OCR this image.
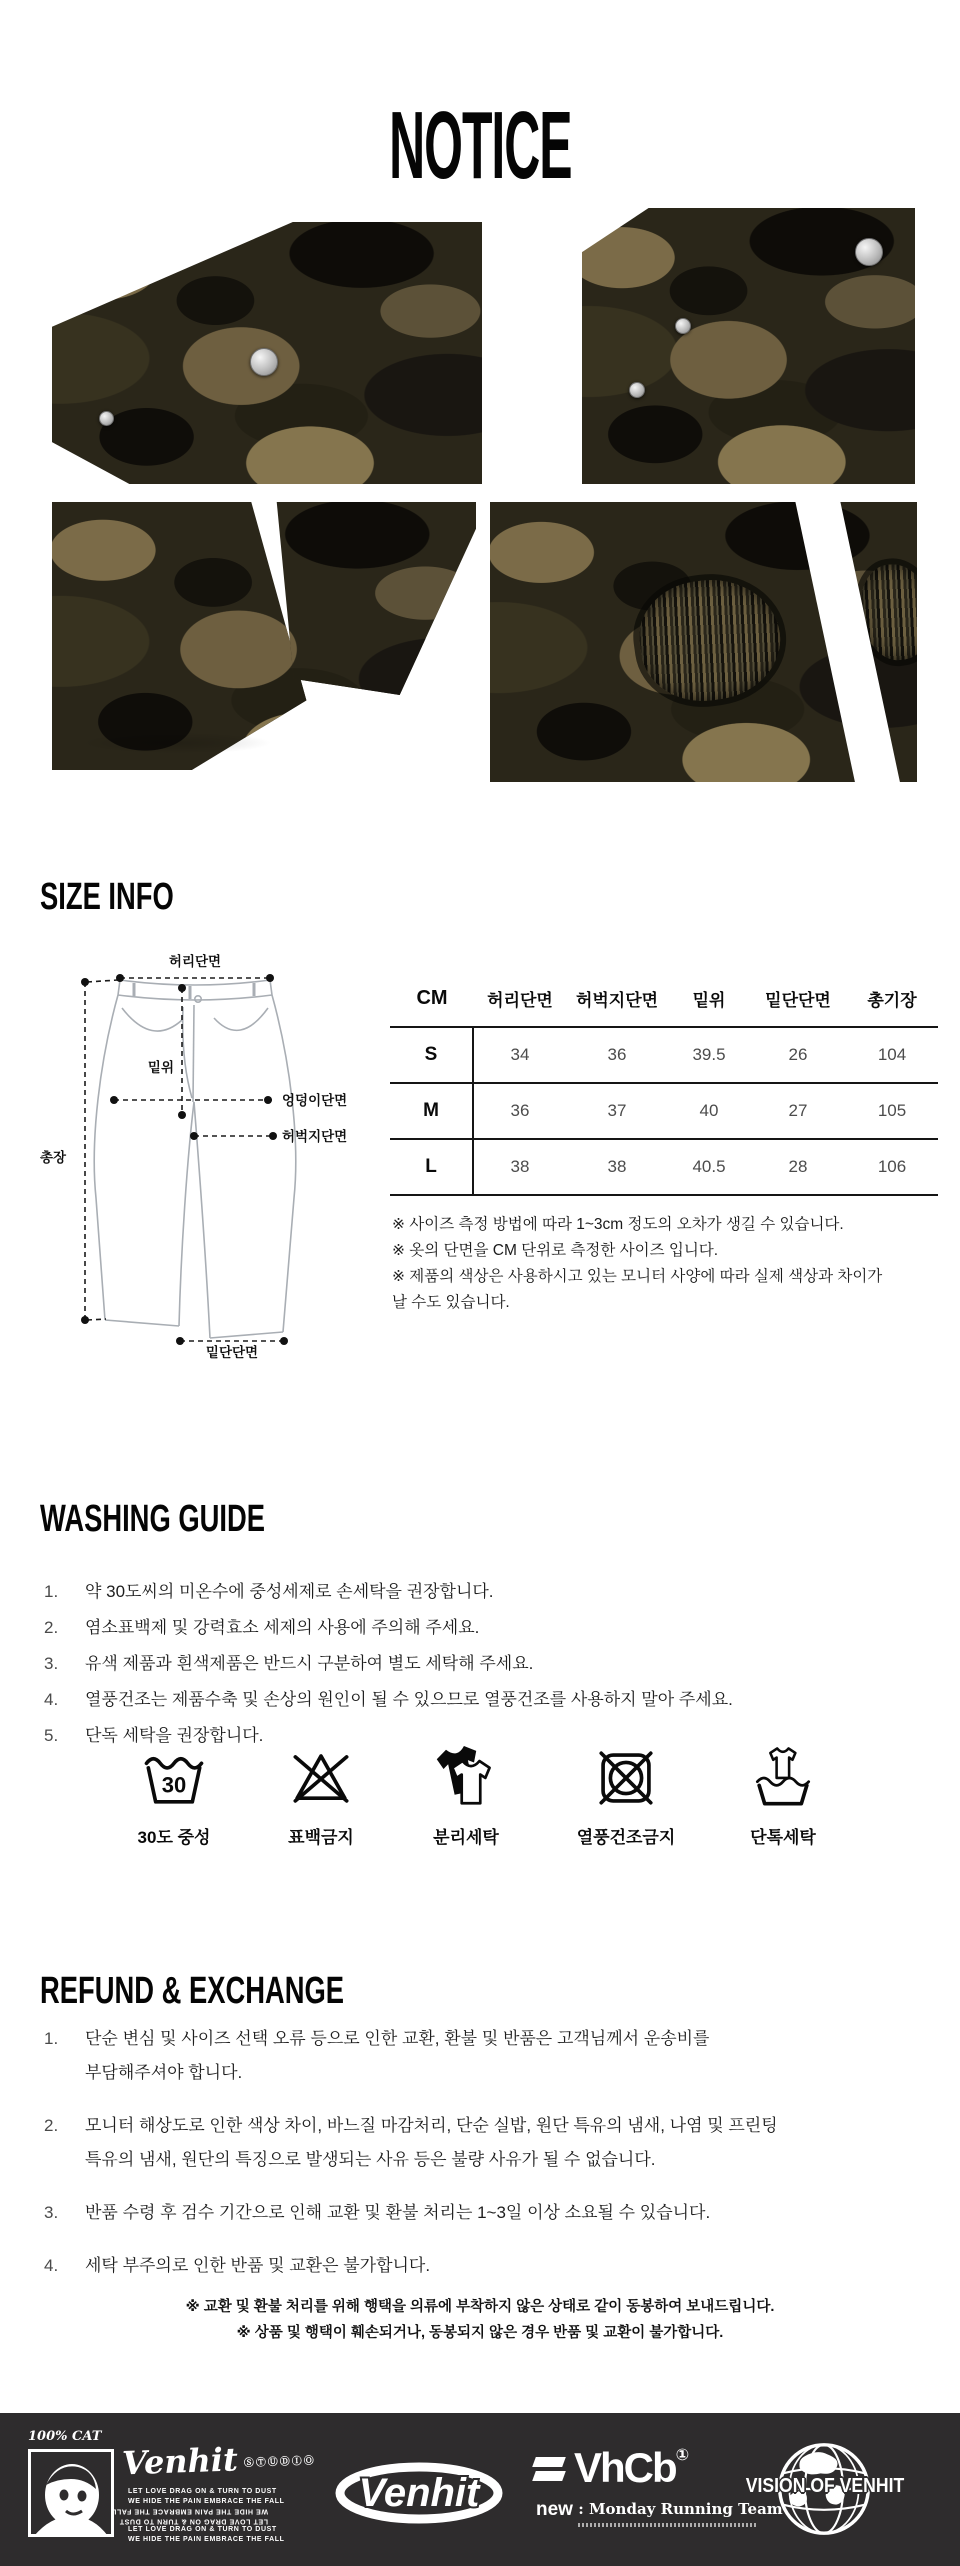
NOTICE
SIZE INFO
허리단면
총장
밑위
엉덩이단면
허벅지단면
밑단단면
CM	허리단면	허벅지단면	밑위	밑단단면	총기장
S	34	36	39.5	26	104
M	36	37	40	27	105
L	38	38	40.5	28	106
※ 사이즈 측정 방법에 따라 1~3cm 정도의 오차가 생길 수 있습니다.
※ 옷의 단면을 CM 단위로 측정한 사이즈 입니다.
※ 제품의 색상은 사용하시고 있는 모니터 사양에 따라 실제 색상과 차이가 날 수도 있습니다.
WASHING GUIDE
1. 약 30도씨의 미온수에 중성세제로 손세탁을 권장합니다.
2. 염소표백제 및 강력효소 세제의 사용에 주의해 주세요.
3. 유색 제품과 흰색제품은 반드시 구분하여 별도 세탁해 주세요.
4. 열풍건조는 제품수축 및 손상의 원인이 될 수 있으므로 열풍건조를 사용하지 말아 주세요.
5. 단독 세탁을 권장합니다.
30
30도 중성	표백금지	분리세탁	열풍건조금지	단톡세탁
REFUND & EXCHANGE
1. 단순 변심 및 사이즈 선택 오류 등으로 인한 교환, 환불 및 반품은 고객님께서 운송비를 부담해주셔야 합니다.
2. 모니터 해상도로 인한 색상 차이, 바느질 마감처리, 단순 실밥, 원단 특유의 냄새, 나염 및 프린팅 특유의 냄새, 원단의 특징으로 발생되는 사유 등은 불량 사유가 될 수 없습니다.
3. 반품 수령 후 검수 기간으로 인해 교환 및 환불 처리는 1~3일 이상 소요될 수 있습니다.
4. 세탁 부주의로 인한 반품 및 교환은 불가합니다.
※ 교환 및 환불 처리를 위해 행택을 의류에 부착하지 않은 상태로 같이 동봉하여 보내드립니다.
※ 상품 및 행택이 훼손되거나, 동봉되지 않은 경우 반품 및 교환이 불가합니다.
100% CAT
Venhit ⓈⓉⓊⒹⒾⓄ
LET LOVE DRAG ON & TURN TO DUST
WE HIDE THE PAIN EMBRACE THE FALL
WE HIDE THE PAIN EMBRACE THE FALL
LET LOVE DRAG ON & TURN TO DUST
LET LOVE DRAG ON & TURN TO DUST
WE HIDE THE PAIN EMBRACE THE FALL
Venhit
VhCb①
new : Monday Running Team
VISION OF VENHIT
